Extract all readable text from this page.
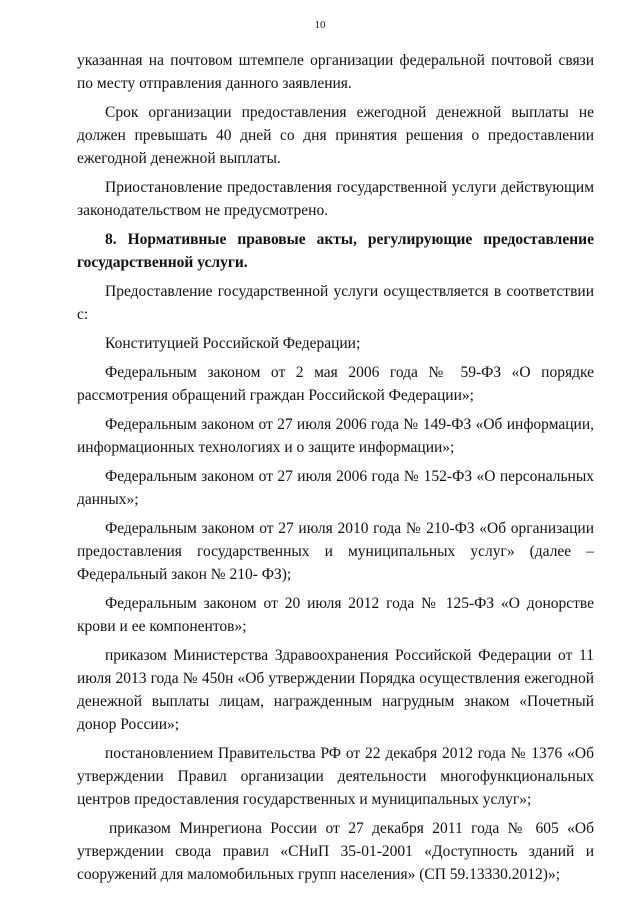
10

указанная на почтовом штемпеле организации федеральной почтовой связи по месту отправления данного заявления.

Срок организации предоставления ежегодной денежной выплаты не должен превышать 40 дней со дня принятия решения о предоставлении ежегодной денежной выплаты.

Приостановление предоставления государственной услуги действующим законодательством не предусмотрено.

8. Нормативные правовые акты, регулирующие предоставление государственной услуги.

Предоставление государственной услуги осуществляется в соответствии с:

Конституцией Российской Федерации;

Федеральным законом от 2 мая 2006 года № 59-ФЗ «О порядке рассмотрения обращений граждан Российской Федерации»;

Федеральным законом от 27 июля 2006 года № 149-ФЗ «Об информации, информационных технологиях и о защите информации»;

Федеральным законом от 27 июля 2006 года № 152-ФЗ «О персональных данных»;

Федеральным законом от 27 июля 2010 года № 210-ФЗ «Об организации предоставления государственных и муниципальных услуг» (далее – Федеральный закон № 210- ФЗ);

Федеральным законом от 20 июля 2012 года № 125-ФЗ «О донорстве крови и ее компонентов»;

приказом Министерства Здравоохранения Российской Федерации от 11 июля 2013 года № 450н «Об утверждении Порядка осуществления ежегодной денежной выплаты лицам, награжденным нагрудным знаком «Почетный донор России»;

постановлением Правительства РФ от 22 декабря 2012 года № 1376 «Об утверждении Правил организации деятельности многофункциональных центров предоставления государственных и муниципальных услуг»;

приказом Минрегиона России от 27 декабря 2011 года № 605 «Об утверждении свода правил «СНиП 35-01-2001 «Доступность зданий и сооружений для маломобильных групп населения» (СП 59.13330.2012)»;
